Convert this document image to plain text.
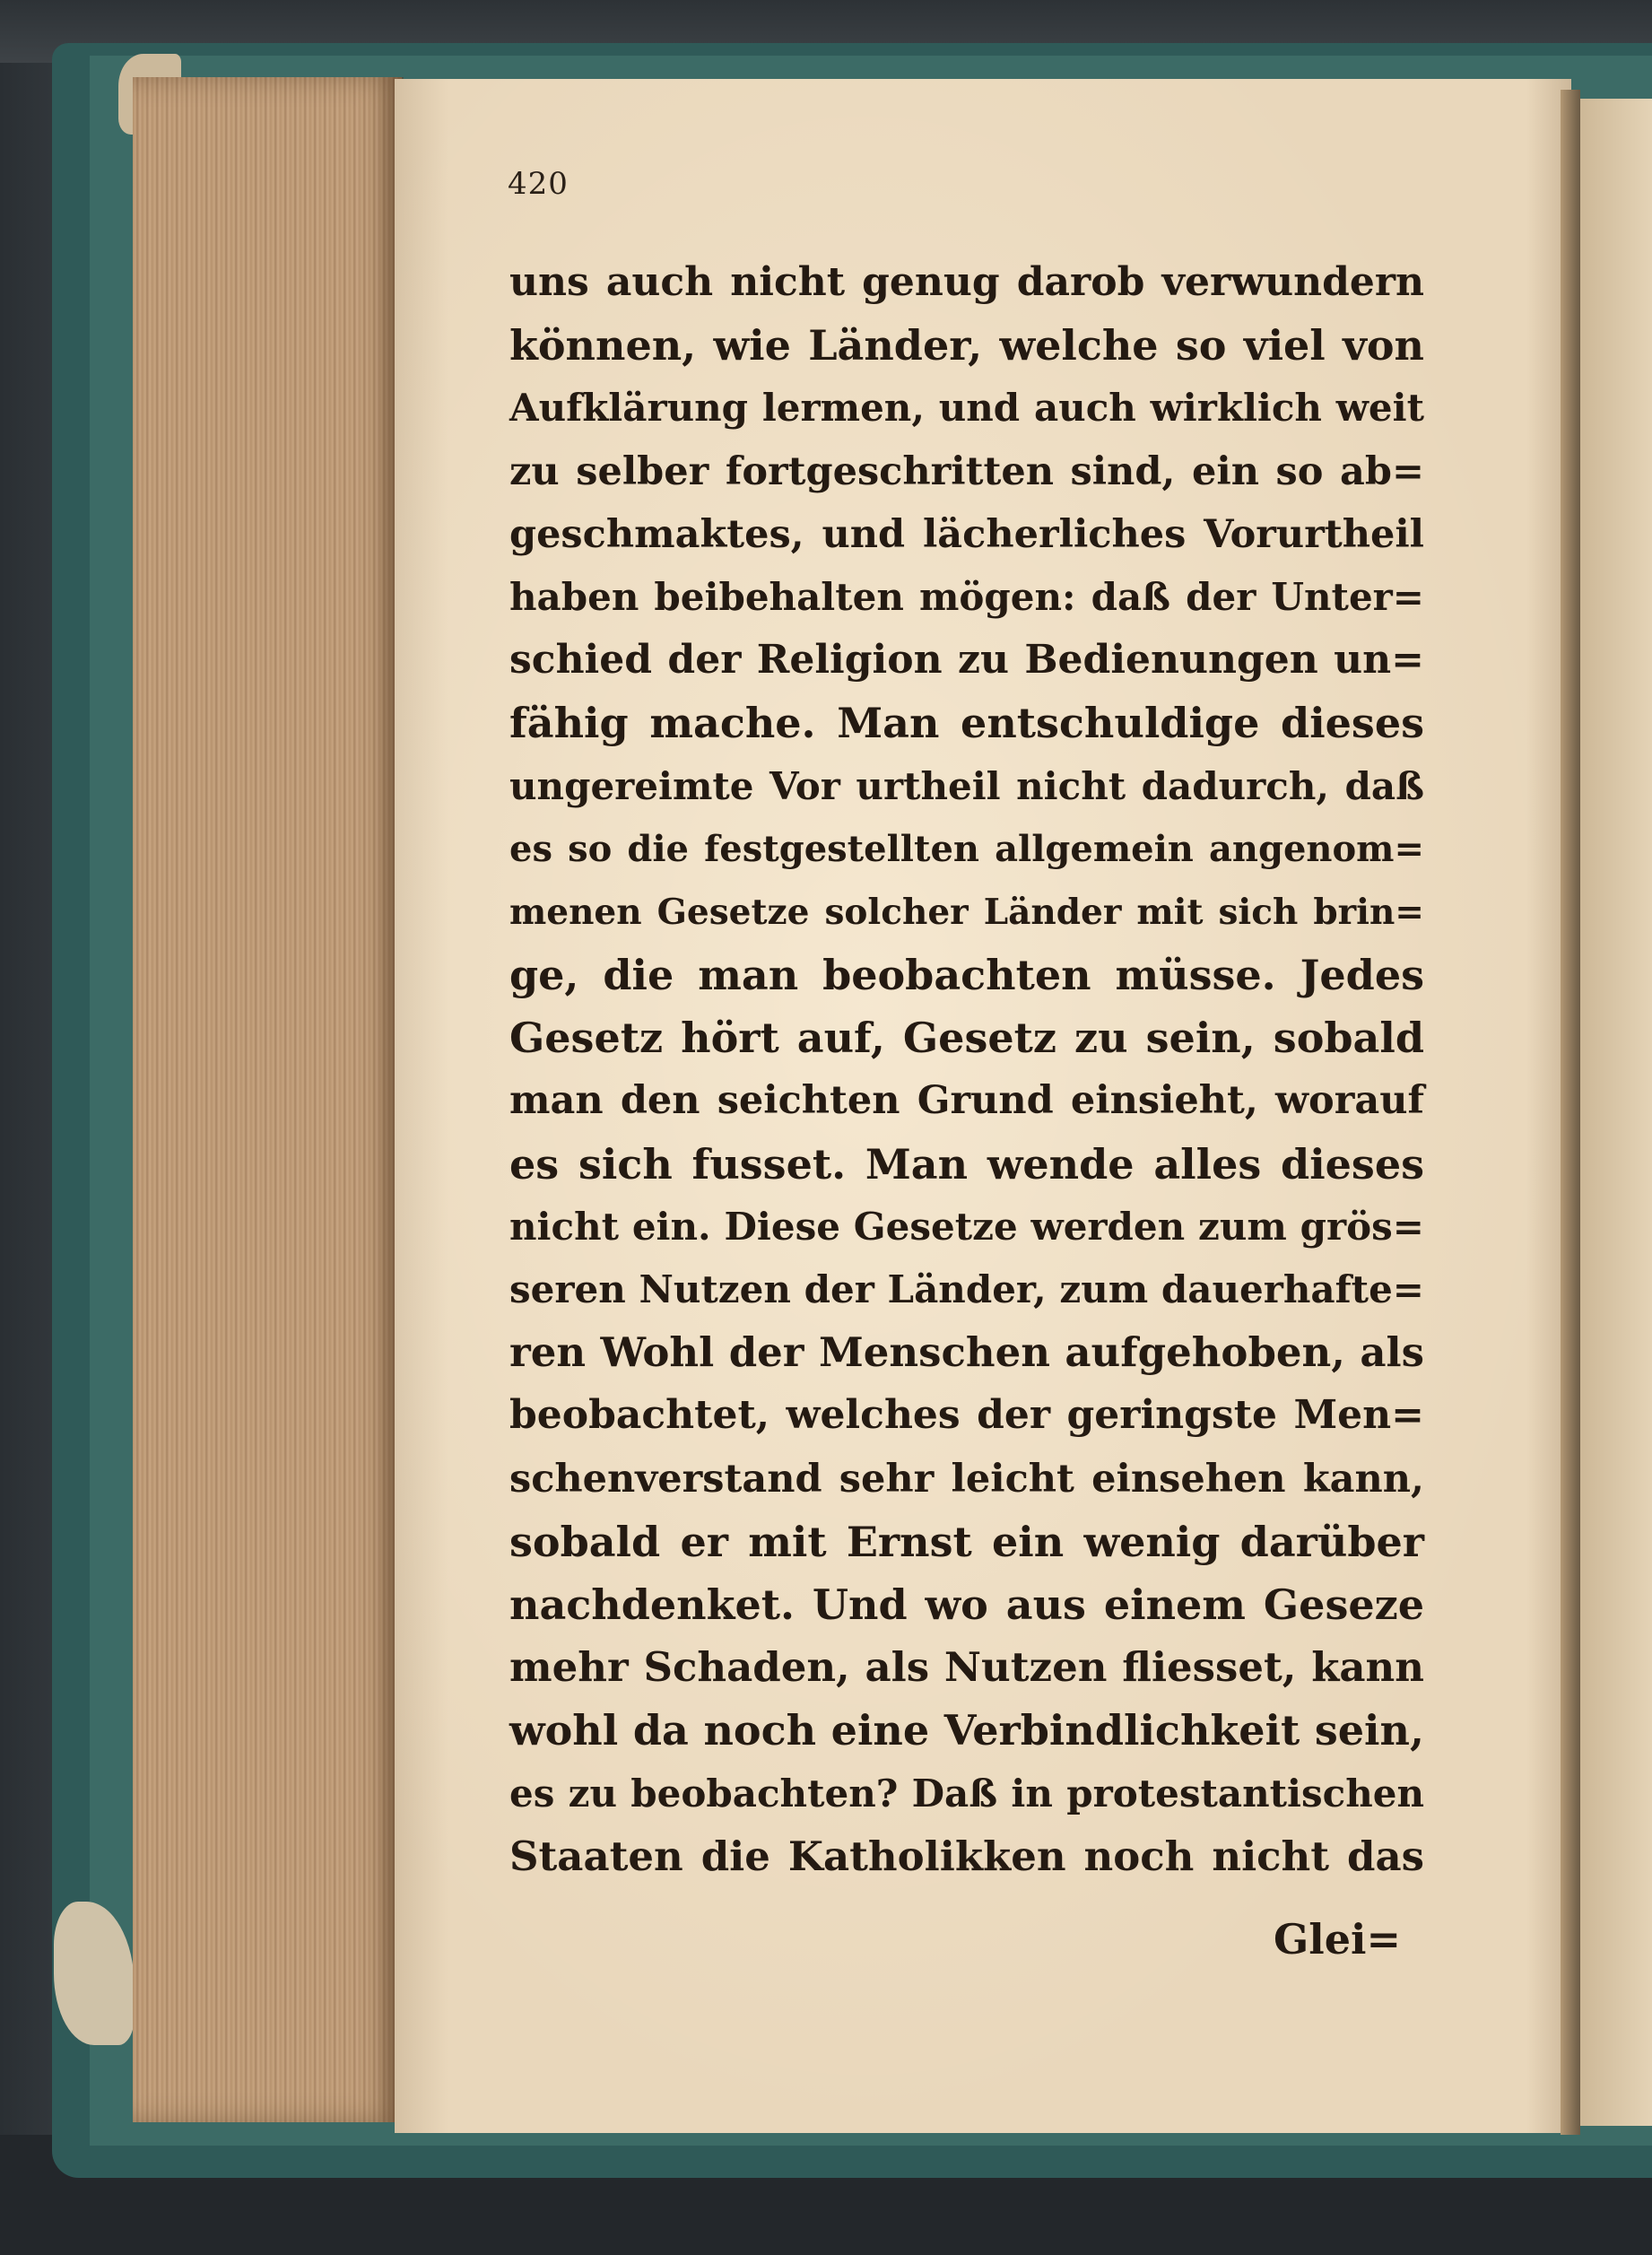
420
uns auch nicht genug darob verwundern
können, wie Länder, welche so viel von
Aufklärung lermen, und auch wirklich weit
zu selber fortgeschritten sind, ein so ab=
geschmaktes, und lächerliches Vorurtheil
haben beibehalten mögen: daß der Unter=
schied der Religion zu Bedienungen un=
fähig mache. Man entschuldige dieses
ungereimte Vor urtheil nicht dadurch, daß
es so die festgestellten allgemein angenom=
menen Gesetze solcher Länder mit sich brin=
ge, die man beobachten müsse. Jedes
Gesetz hört auf, Gesetz zu sein, sobald
man den seichten Grund einsieht, worauf
es sich fusset. Man wende alles dieses
nicht ein. Diese Gesetze werden zum grös=
seren Nutzen der Länder, zum dauerhafte=
ren Wohl der Menschen aufgehoben, als
beobachtet, welches der geringste Men=
schenverstand sehr leicht einsehen kann,
sobald er mit Ernst ein wenig darüber
nachdenket. Und wo aus einem Geseze
mehr Schaden, als Nutzen fliesset, kann
wohl da noch eine Verbindlichkeit sein,
es zu beobachten? Daß in protestantischen
Staaten die Katholikken noch nicht das
Glei=
